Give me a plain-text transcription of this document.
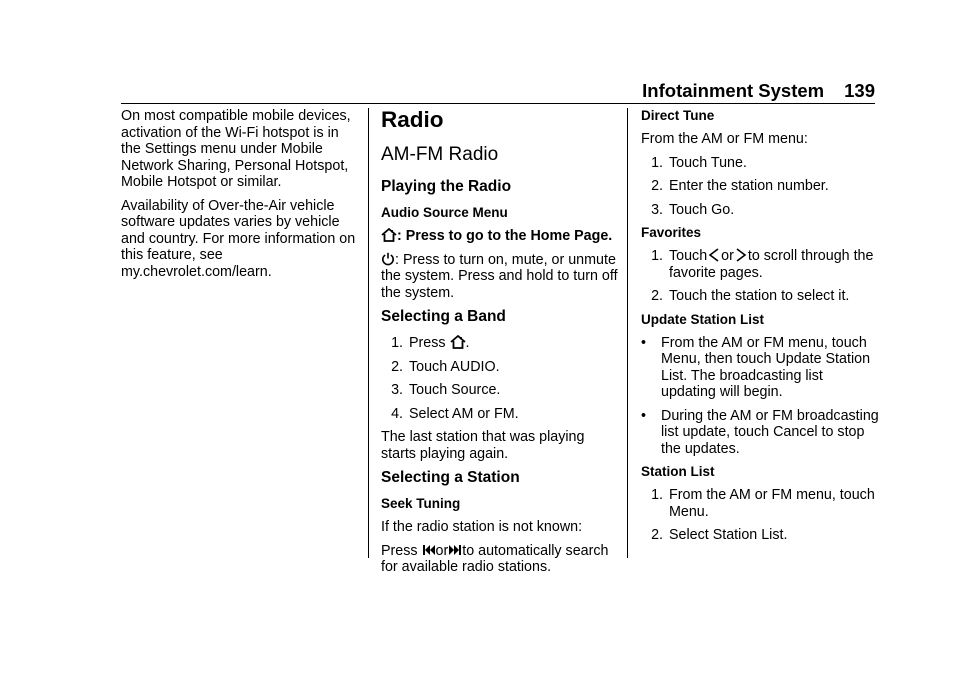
Infotainment System 139

On most compatible mobile devices, activation of the Wi-Fi hotspot is in the Settings menu under Mobile Network Sharing, Personal Hotspot, Mobile Hotspot or similar.

Availability of Over-the-Air vehicle software updates varies by vehicle and country. For more information on this feature, see my.chevrolet.com/learn.

Radio
AM-FM Radio
Playing the Radio
Audio Source Menu

: Press to go to the Home Page.

: Press to turn on, mute, or unmute the system. Press and hold to turn off the system.

Selecting a Band
1. Press .
2. Touch AUDIO.
3. Touch Source.
4. Select AM or FM.

The last station that was playing starts playing again.

Selecting a Station
Seek Tuning

If the radio station is not known:

Press or to automatically search for available radio stations.

Direct Tune

From the AM or FM menu:

1. Touch Tune.
2. Enter the station number.
3. Touch Go.
Favorites
1. Touch or to scroll through the favorite pages.
2. Touch the station to select it.
Update Station List
•	From the AM or FM menu, touch Menu, then touch Update Station List. The broadcasting list updating will begin.
•	During the AM or FM broadcasting list update, touch Cancel to stop the updates.
Station List
1. From the AM or FM menu, touch Menu.
2. Select Station List.
